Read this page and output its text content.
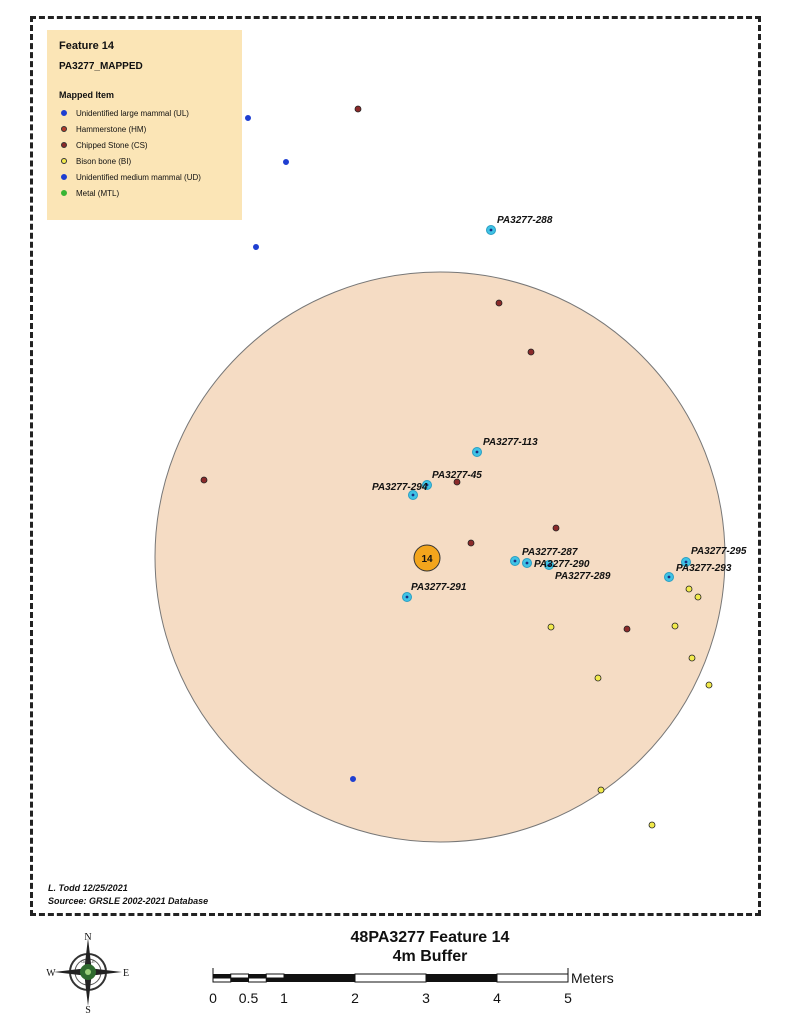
PA3277-288
PA3277-113
PA3277-45
PA3277-294
PA3277-287
PA3277-290
PA3277-289
PA3277-295
PA3277-293
PA3277-291
14
Feature 14
PA3277_MAPPED
Mapped Item
Unidentified large mammal (UL)
Hammerstone (HM)
Chipped Stone (CS)
Bison bone (BI)
Unidentified medium mammal (UD)
Metal (MTL)
L. Todd 12/25/2021
Sourcee: GRSLE 2002-2021 Database
48PA3277 Feature 14
4m Buffer
GRSLE
N
S
W	E	Meters
0 0.5 1	2	3	4	5
